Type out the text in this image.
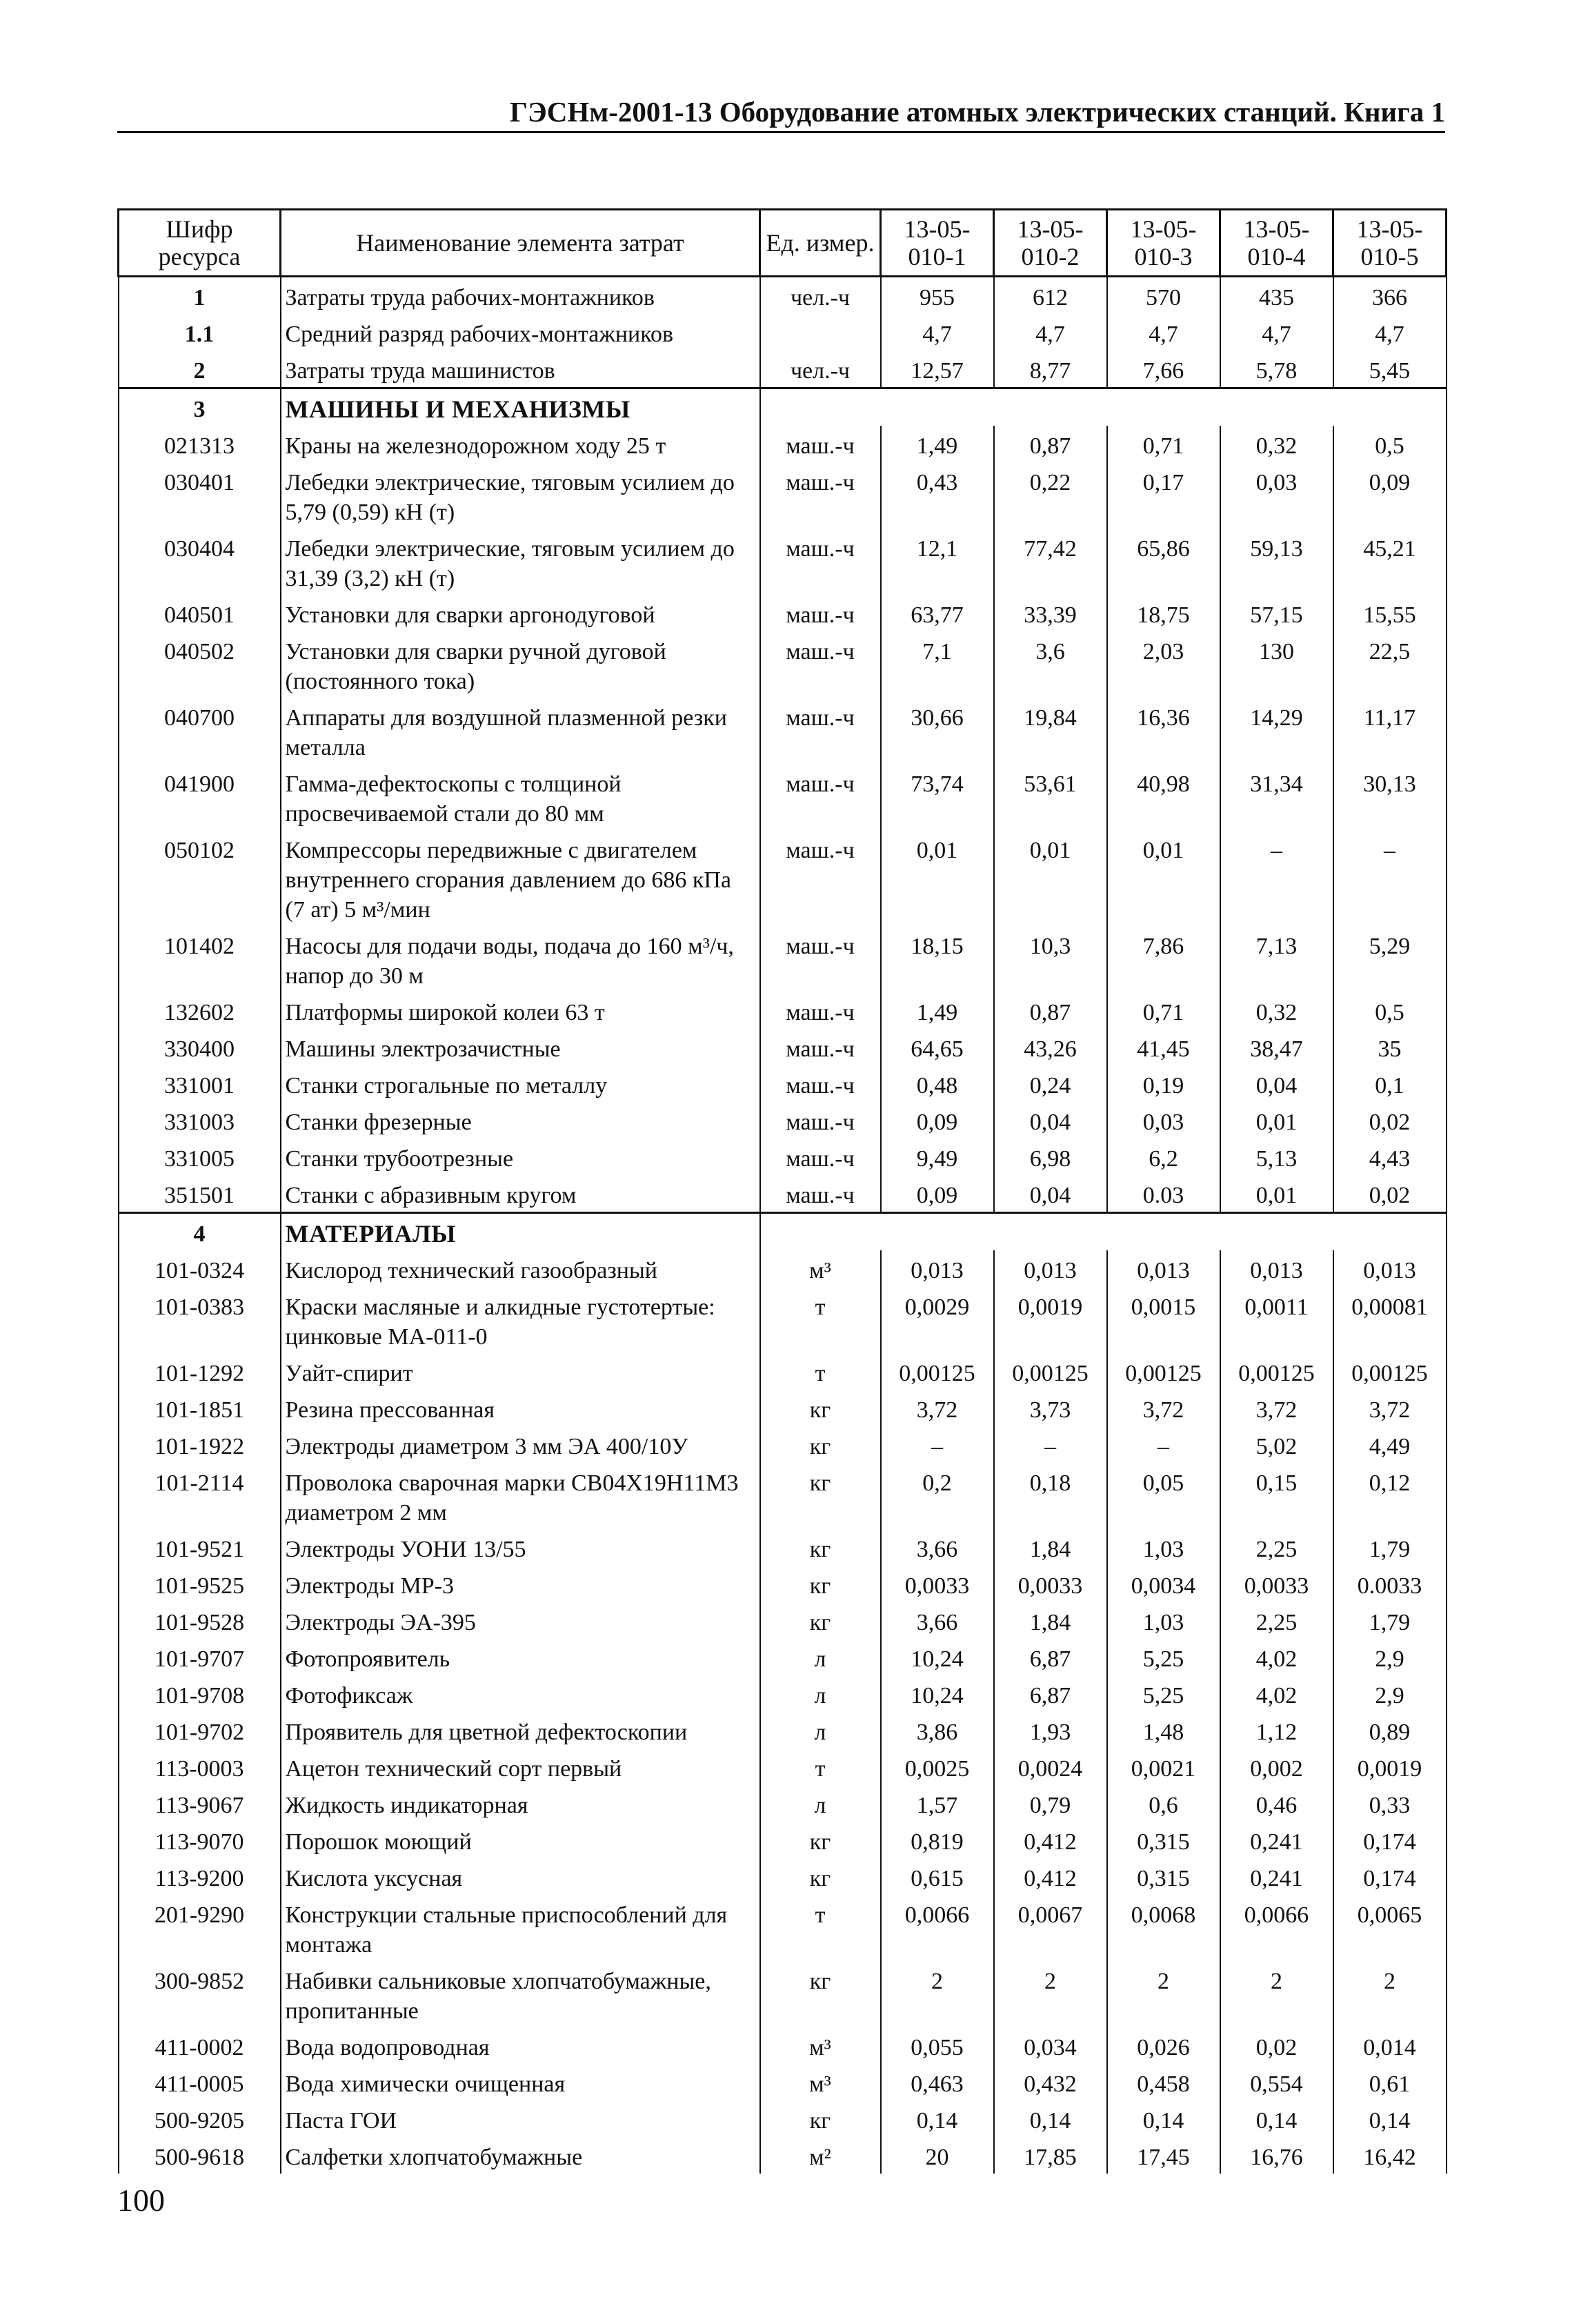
ГЭСНм-2001-13 Оборудование атомных электрических станций. Книга 1
Шифр ресурса	Наименование элемента затрат	Ед. измер.	13-05-010-1	13-05-010-2	13-05-010-3	13-05-010-4	13-05-010-5
1	Затраты труда рабочих-монтажников	чел.-ч	955	612	570	435	366
1.1	Средний разряд рабочих-монтажников		4,7	4,7	4,7	4,7	4,7
2	Затраты труда машинистов	чел.-ч	12,57	8,77	7,66	5,78	5,45
3	МАШИНЫ И МЕХАНИЗМЫ						
021313	Краны на железнодорожном ходу 25 т	маш.-ч	1,49	0,87	0,71	0,32	0,5
030401	Лебедки электрические, тяговым усилием до 5,79 (0,59) кН (т)	маш.-ч	0,43	0,22	0,17	0,03	0,09
030404	Лебедки электрические, тяговым усилием до 31,39 (3,2) кН (т)	маш.-ч	12,1	77,42	65,86	59,13	45,21
040501	Установки для сварки аргонодуговой	маш.-ч	63,77	33,39	18,75	57,15	15,55
040502	Установки для сварки ручной дуговой (постоянного тока)	маш.-ч	7,1	3,6	2,03	130	22,5
040700	Аппараты для воздушной плазменной резки металла	маш.-ч	30,66	19,84	16,36	14,29	11,17
041900	Гамма-дефектоскопы с толщиной просвечиваемой стали до 80 мм	маш.-ч	73,74	53,61	40,98	31,34	30,13
050102	Компрессоры передвижные с двигателем внутреннего сгорания давлением до 686 кПа (7 ат) 5 м³/мин	маш.-ч	0,01	0,01	0,01	–	–
101402	Насосы для подачи воды, подача до 160 м³/ч, напор до 30 м	маш.-ч	18,15	10,3	7,86	7,13	5,29
132602	Платформы широкой колеи 63 т	маш.-ч	1,49	0,87	0,71	0,32	0,5
330400	Машины электрозачистные	маш.-ч	64,65	43,26	41,45	38,47	35
331001	Станки строгальные по металлу	маш.-ч	0,48	0,24	0,19	0,04	0,1
331003	Станки фрезерные	маш.-ч	0,09	0,04	0,03	0,01	0,02
331005	Станки трубоотрезные	маш.-ч	9,49	6,98	6,2	5,13	4,43
351501	Станки с абразивным кругом	маш.-ч	0,09	0,04	0.03	0,01	0,02
4	МАТЕРИАЛЫ						
101-0324	Кислород технический газообразный	м³	0,013	0,013	0,013	0,013	0,013
101-0383	Краски масляные и алкидные густотертые: цинковые МА-011-0	т	0,0029	0,0019	0,0015	0,0011	0,00081
101-1292	Уайт-спирит	т	0,00125	0,00125	0,00125	0,00125	0,00125
101-1851	Резина прессованная	кг	3,72	3,73	3,72	3,72	3,72
101-1922	Электроды диаметром 3 мм ЭА 400/10У	кг	–	–	–	5,02	4,49
101-2114	Проволока сварочная марки СВ04Х19Н11М3 диаметром 2 мм	кг	0,2	0,18	0,05	0,15	0,12
101-9521	Электроды УОНИ 13/55	кг	3,66	1,84	1,03	2,25	1,79
101-9525	Электроды МР-3	кг	0,0033	0,0033	0,0034	0,0033	0.0033
101-9528	Электроды ЭА-395	кг	3,66	1,84	1,03	2,25	1,79
101-9707	Фотопроявитель	л	10,24	6,87	5,25	4,02	2,9
101-9708	Фотофиксаж	л	10,24	6,87	5,25	4,02	2,9
101-9702	Проявитель для цветной дефектоскопии	л	3,86	1,93	1,48	1,12	0,89
113-0003	Ацетон технический сорт первый	т	0,0025	0,0024	0,0021	0,002	0,0019
113-9067	Жидкость индикаторная	л	1,57	0,79	0,6	0,46	0,33
113-9070	Порошок моющий	кг	0,819	0,412	0,315	0,241	0,174
113-9200	Кислота уксусная	кг	0,615	0,412	0,315	0,241	0,174
201-9290	Конструкции стальные приспособлений для монтажа	т	0,0066	0,0067	0,0068	0,0066	0,0065
300-9852	Набивки сальниковые хлопчатобумажные, пропитанные	кг	2	2	2	2	2
411-0002	Вода водопроводная	м³	0,055	0,034	0,026	0,02	0,014
411-0005	Вода химически очищенная	м³	0,463	0,432	0,458	0,554	0,61
500-9205	Паста ГОИ	кг	0,14	0,14	0,14	0,14	0,14
500-9618	Салфетки хлопчатобумажные	м²	20	17,85	17,45	16,76	16,42
100
